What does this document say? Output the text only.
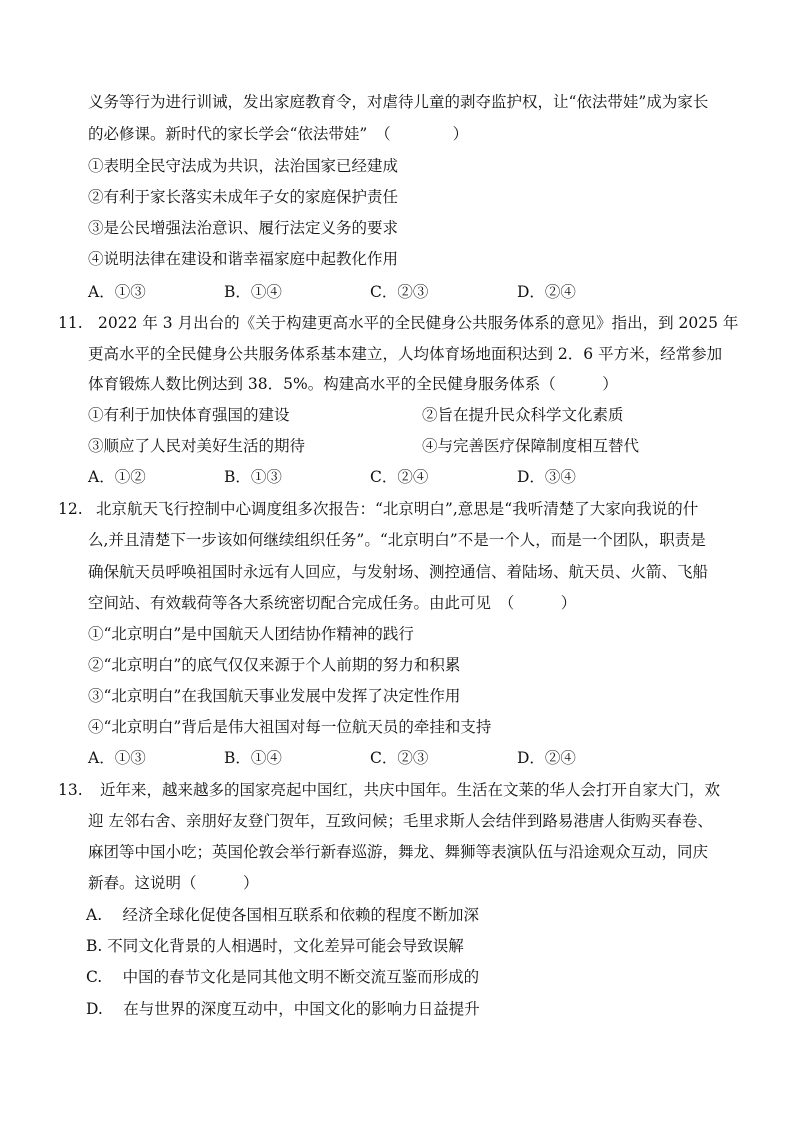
义务等行为进行训诫，发出家庭教育令，对虐待儿童的剥夺监护权，让“依法带娃”成为家长
的必修课。新时代的家长学会“依法带娃”　（　　　　）
①表明全民守法成为共识，法治国家已经建成
②有利于家长落实未成年子女的家庭保护责任
③是公民增强法治意识、履行法定义务的要求
④说明法律在建设和谐幸福家庭中起教化作用
A．①③	B．①④	C．②③	D．②④
11. 2022 年 3 月出台的《关于构建更高水平的全民健身公共服务体系的意见》指出，到 2025 年
更高水平的全民健身公共服务体系基本建立，人均体育场地面积达到 2．6 平方米，经常参加
体育锻炼人数比例达到 38．5%。构建高水平的全民健身服务体系（　　　）
①有利于加快体育强国的建设	②旨在提升民众科学文化素质
③顺应了人民对美好生活的期待	④与完善医疗保障制度相互替代
A．①②	B．①③	C．②④	D．③④
12. 北京航天飞行控制中心调度组多次报告：“北京明白”,意思是“我听清楚了大家向我说的什
么,并且清楚下一步该如何继续组织任务”。“北京明白”不是一个人，而是一个团队，职责是
确保航天员呼唤祖国时永远有人回应，与发射场、测控通信、着陆场、航天员、火箭、飞船
空间站、有效载荷等各大系统密切配合完成任务。由此可见　（　　　）
①“北京明白”是中国航天人团结协作精神的践行
②“北京明白”的底气仅仅来源于个人前期的努力和积累
③“北京明白”在我国航天事业发展中发挥了决定性作用
④“北京明白”背后是伟大祖国对每一位航天员的牵挂和支持
A．①③	B．①④	C．②③	D．②④
13. 近年来，越来越多的国家亮起中国红，共庆中国年。生活在文莱的华人会打开自家大门，欢
迎 左邻右舍、亲朋好友登门贺年，互致问候；毛里求斯人会结伴到路易港唐人街购买春卷、
麻团等中国小吃；英国伦敦会举行新春巡游，舞龙、舞狮等表演队伍与沿途观众互动，同庆
新春。这说明（　　　）
A.　 经济全球化促使各国相互联系和依赖的程度不断加深
B. 不同文化背景的人相遇时，文化差异可能会导致误解
C.　 中国的春节文化是同其他文明不断交流互鉴而形成的
D.　 在与世界的深度互动中，中国文化的影响力日益提升
